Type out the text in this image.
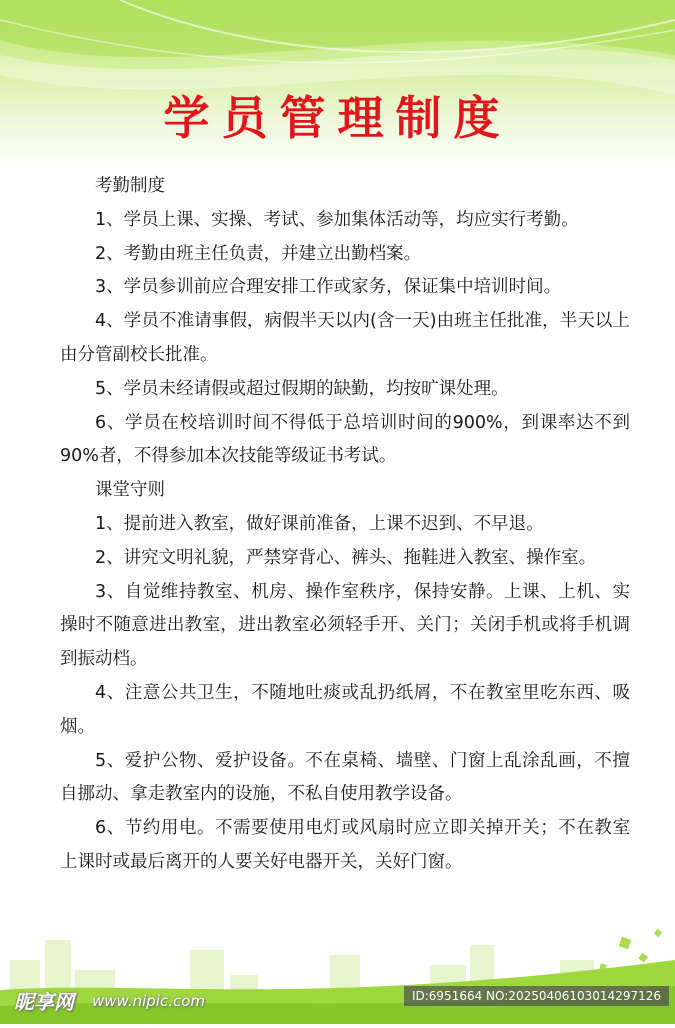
学员管理制度
考勤制度

1、学员上课、实操、考试、参加集体活动等，均应实行考勤。

2、考勤由班主任负责，并建立出勤档案。

3、学员参训前应合理安排工作或家务，保证集中培训时间。

4、学员不准请事假，病假半天以内(含一天)由班主任批准，半天以上由分管副校长批准。

5、学员未经请假或超过假期的缺勤，均按旷课处理。

6、学员在校培训时间不得低于总培训时间的900%，到课率达不到90%者，不得参加本次技能等级证书考试。

课堂守则

1、提前进入教室，做好课前准备，上课不迟到、不早退。

2、讲究文明礼貌，严禁穿背心、裤头、拖鞋进入教室、操作室。

3、自觉维持教室、机房、操作室秩序，保持安静。上课、上机、实操时不随意进出教室，进出教室必须轻手开、关门；关闭手机或将手机调到振动档。

4、注意公共卫生，不随地吐痰或乱扔纸屑，不在教室里吃东西、吸烟。

5、爱护公物、爱护设备。不在桌椅、墙壁、门窗上乱涂乱画，不擅自挪动、拿走教室内的设施，不私自使用教学设备。

6、节约用电。不需要使用电灯或风扇时应立即关掉开关；不在教室上课时或最后离开的人要关好电器开关，关好门窗。

昵享网 www.nipic.com	ID:6951664 NO:20250406103014297126
